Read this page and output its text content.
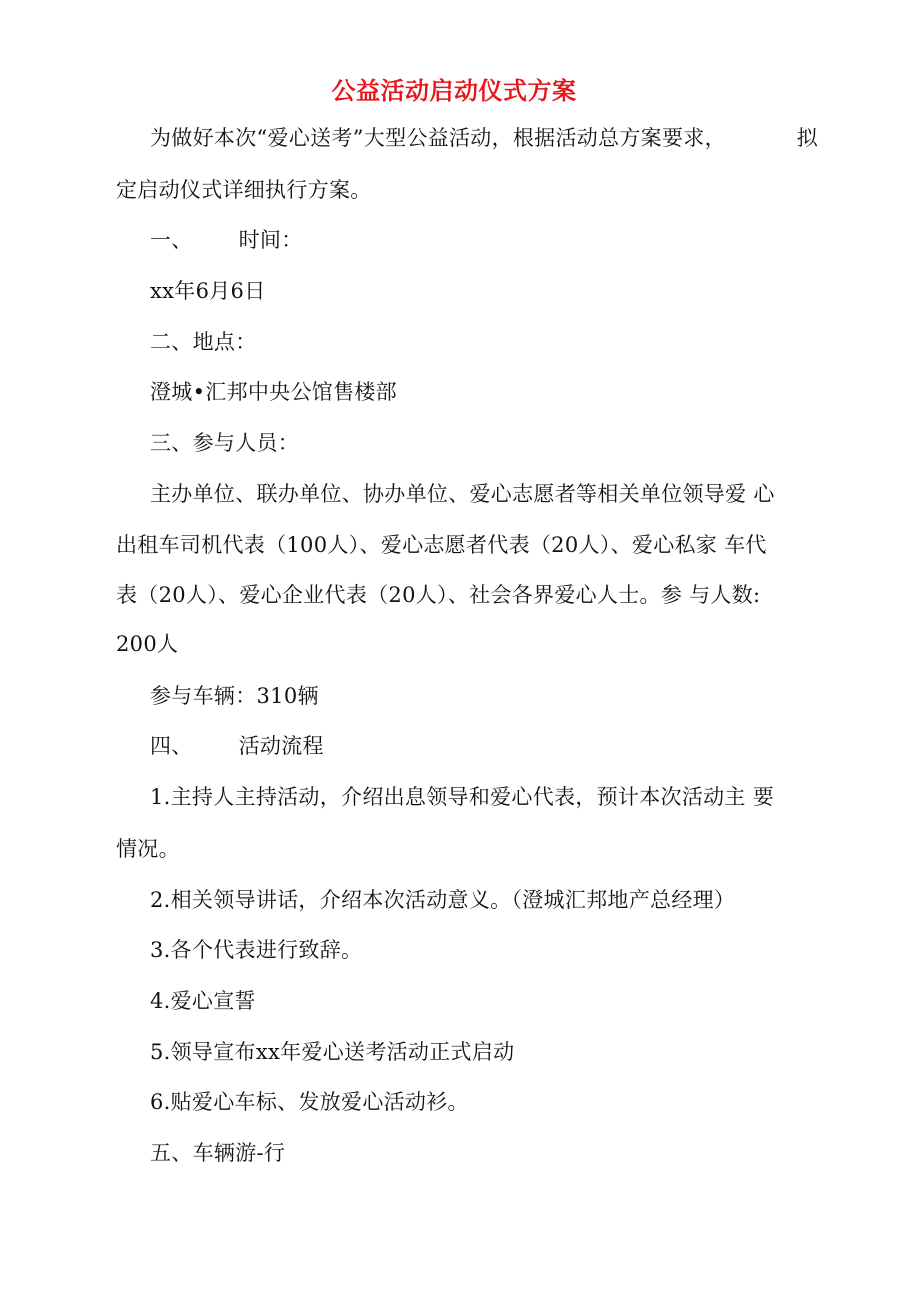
公益活动启动仪式方案
为做好本次“爱心送考”大型公益活动，根据活动总方案要求，	拟
定启动仪式详细执行方案。
一、 时间：
xx年6月6日
二、地点：
澄城•汇邦中央公馆售楼部
三、参与人员：
主办单位、联办单位、协办单位、爱心志愿者等相关单位领导爱 心
出租车司机代表（100人）、爱心志愿者代表（20人）、爱心私家 车代
表（20人）、爱心企业代表（20人）、社会各界爱心人士。参 与人数:
200人
参与车辆：310辆
四、 活动流程
1.主持人主持活动，介绍出息领导和爱心代表，预计本次活动主 要
情况。
2.相关领导讲话，介绍本次活动意义。（澄城汇邦地产总经理）
3.各个代表进行致辞。
4.爱心宣誓
5.领导宣布xx年爱心送考活动正式启动
6.贴爱心车标、发放爱心活动衫。
五、车辆游-行
